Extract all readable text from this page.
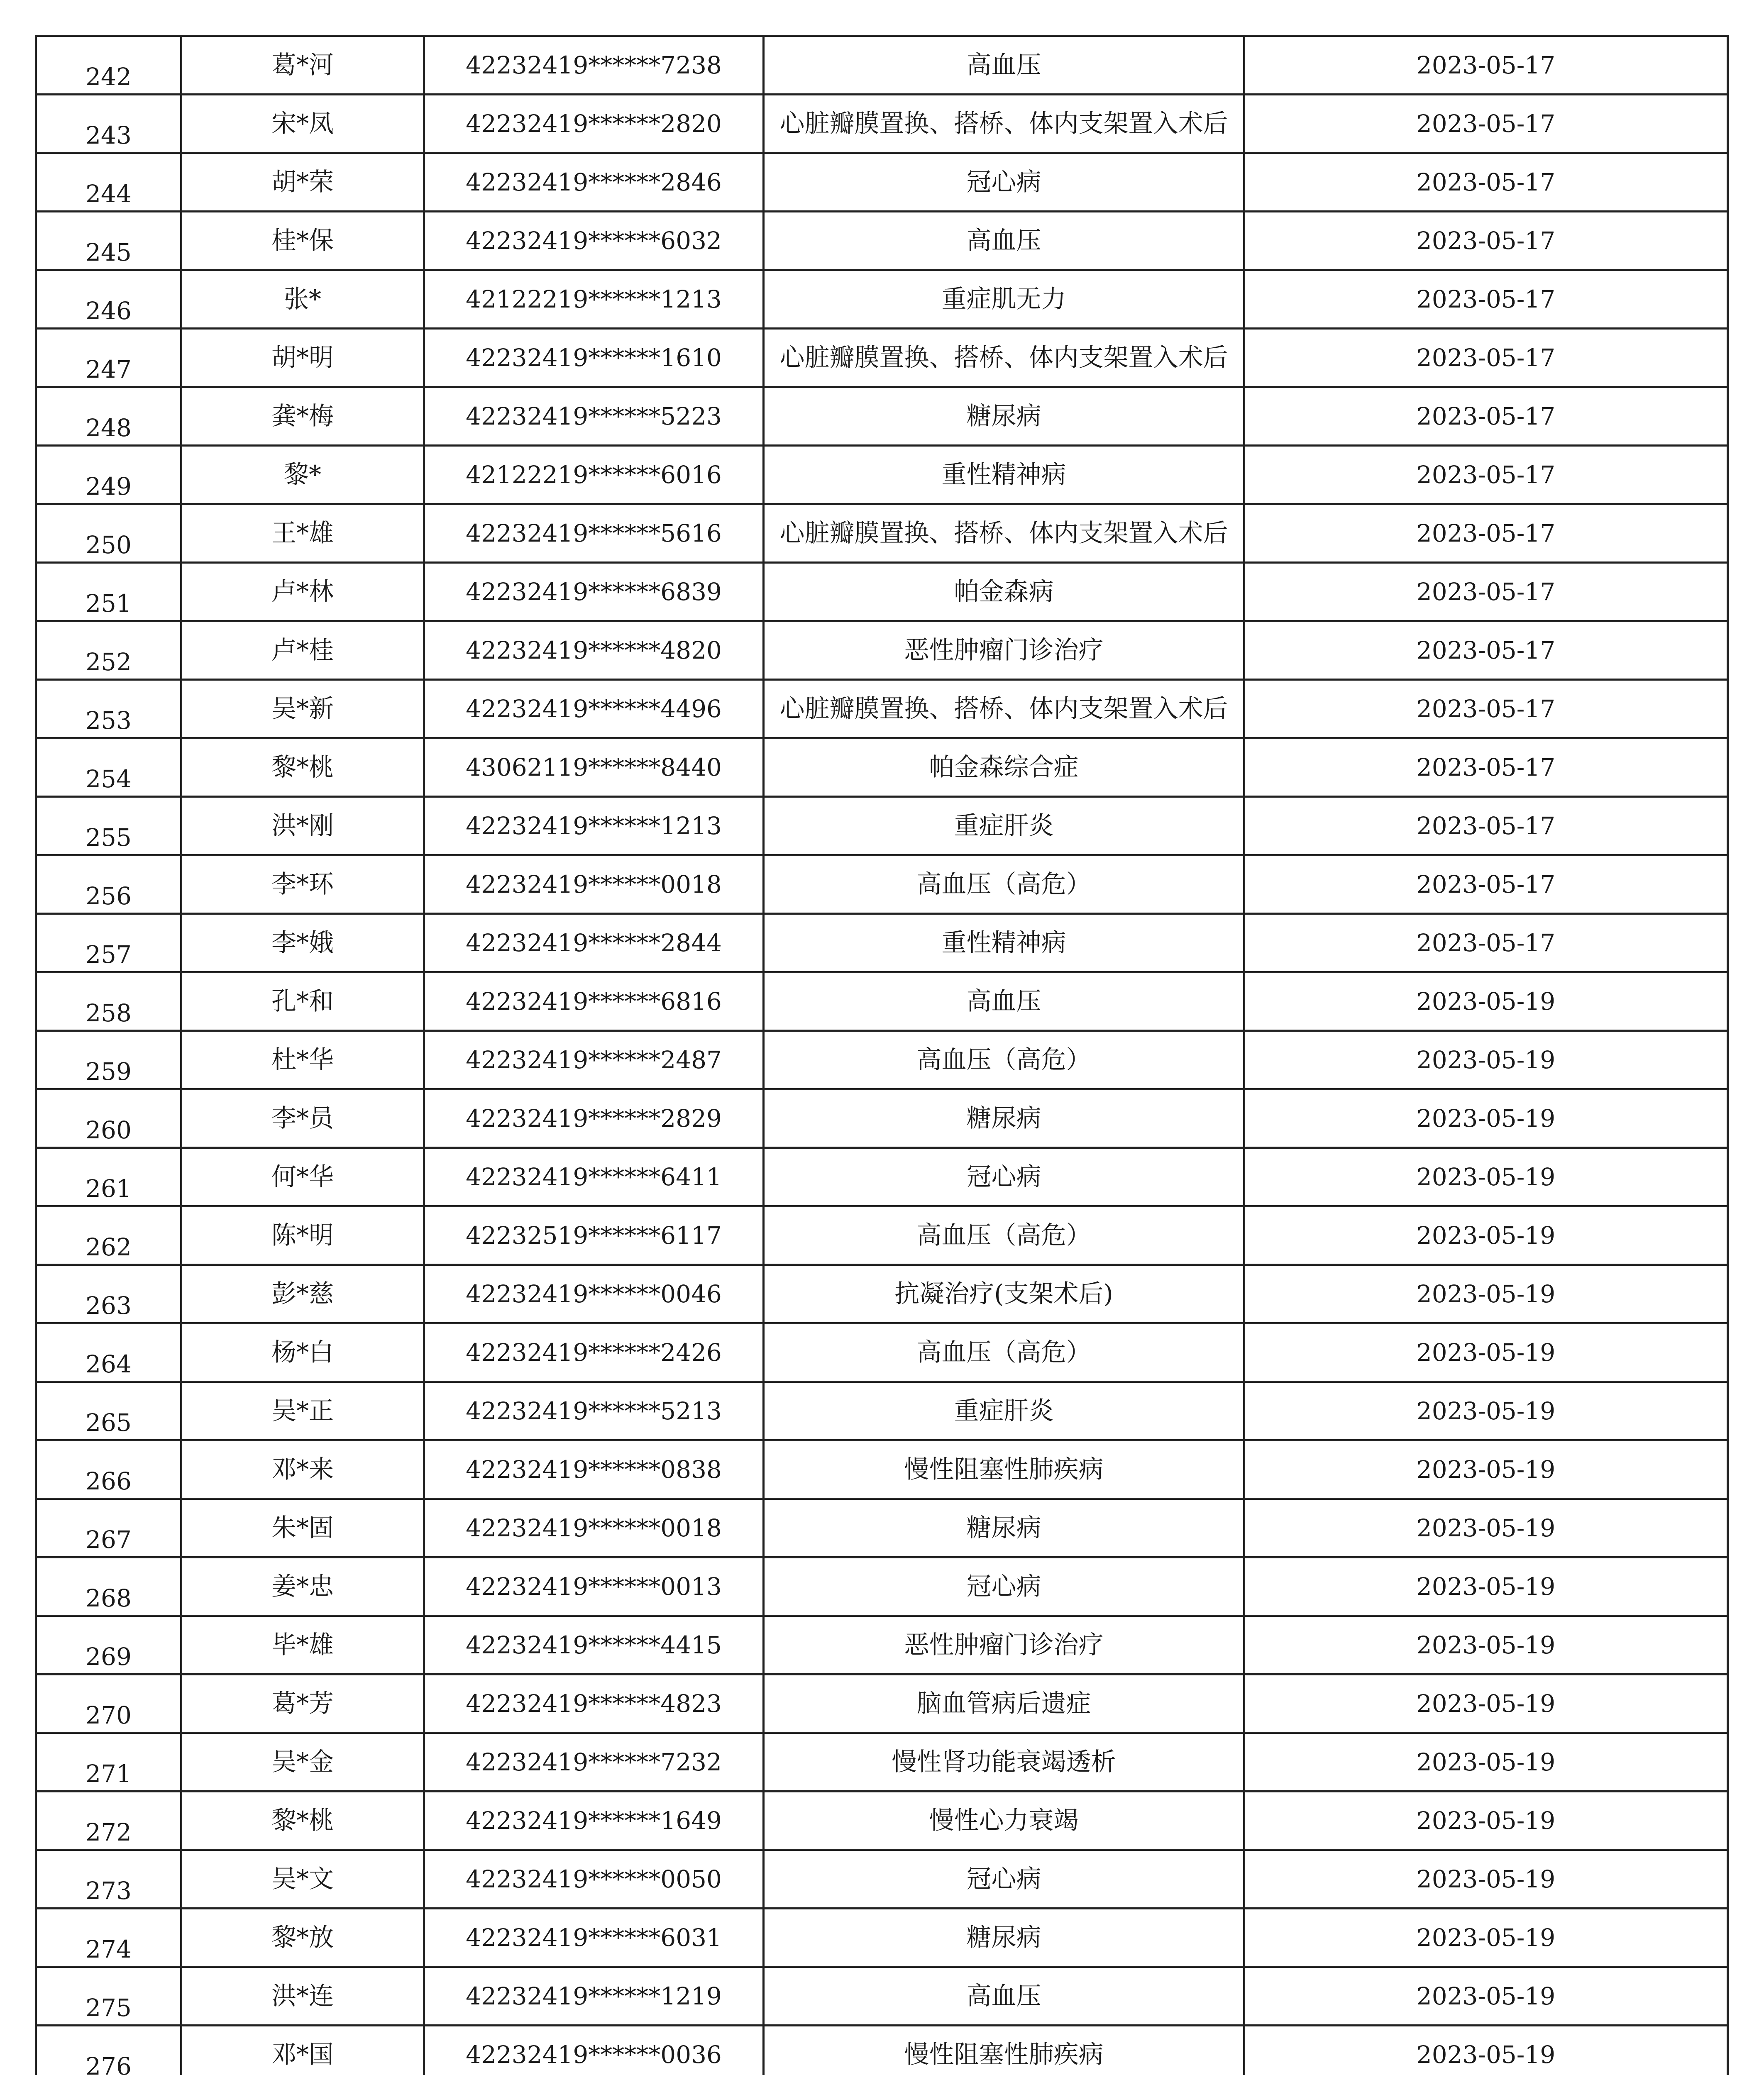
242	葛*河	42232419******7238	高血压	2023-05-17
243	宋*凤	42232419******2820	心脏瓣膜置换、搭桥、体内支架置入术后	2023-05-17
244	胡*荣	42232419******2846	冠心病	2023-05-17
245	桂*保	42232419******6032	高血压	2023-05-17
246	张*	42122219******1213	重症肌无力	2023-05-17
247	胡*明	42232419******1610	心脏瓣膜置换、搭桥、体内支架置入术后	2023-05-17
248	龚*梅	42232419******5223	糖尿病	2023-05-17
249	黎*	42122219******6016	重性精神病	2023-05-17
250	王*雄	42232419******5616	心脏瓣膜置换、搭桥、体内支架置入术后	2023-05-17
251	卢*林	42232419******6839	帕金森病	2023-05-17
252	卢*桂	42232419******4820	恶性肿瘤门诊治疗	2023-05-17
253	吴*新	42232419******4496	心脏瓣膜置换、搭桥、体内支架置入术后	2023-05-17
254	黎*桃	43062119******8440	帕金森综合症	2023-05-17
255	洪*刚	42232419******1213	重症肝炎	2023-05-17
256	李*环	42232419******0018	高血压（高危）	2023-05-17
257	李*娥	42232419******2844	重性精神病	2023-05-17
258	孔*和	42232419******6816	高血压	2023-05-19
259	杜*华	42232419******2487	高血压（高危）	2023-05-19
260	李*员	42232419******2829	糖尿病	2023-05-19
261	何*华	42232419******6411	冠心病	2023-05-19
262	陈*明	42232519******6117	高血压（高危）	2023-05-19
263	彭*慈	42232419******0046	抗凝治疗(支架术后)	2023-05-19
264	杨*白	42232419******2426	高血压（高危）	2023-05-19
265	吴*正	42232419******5213	重症肝炎	2023-05-19
266	邓*来	42232419******0838	慢性阻塞性肺疾病	2023-05-19
267	朱*固	42232419******0018	糖尿病	2023-05-19
268	姜*忠	42232419******0013	冠心病	2023-05-19
269	毕*雄	42232419******4415	恶性肿瘤门诊治疗	2023-05-19
270	葛*芳	42232419******4823	脑血管病后遗症	2023-05-19
271	吴*金	42232419******7232	慢性肾功能衰竭透析	2023-05-19
272	黎*桃	42232419******1649	慢性心力衰竭	2023-05-19
273	吴*文	42232419******0050	冠心病	2023-05-19
274	黎*放	42232419******6031	糖尿病	2023-05-19
275	洪*连	42232419******1219	高血压	2023-05-19
276	邓*国	42232419******0036	慢性阻塞性肺疾病	2023-05-19
